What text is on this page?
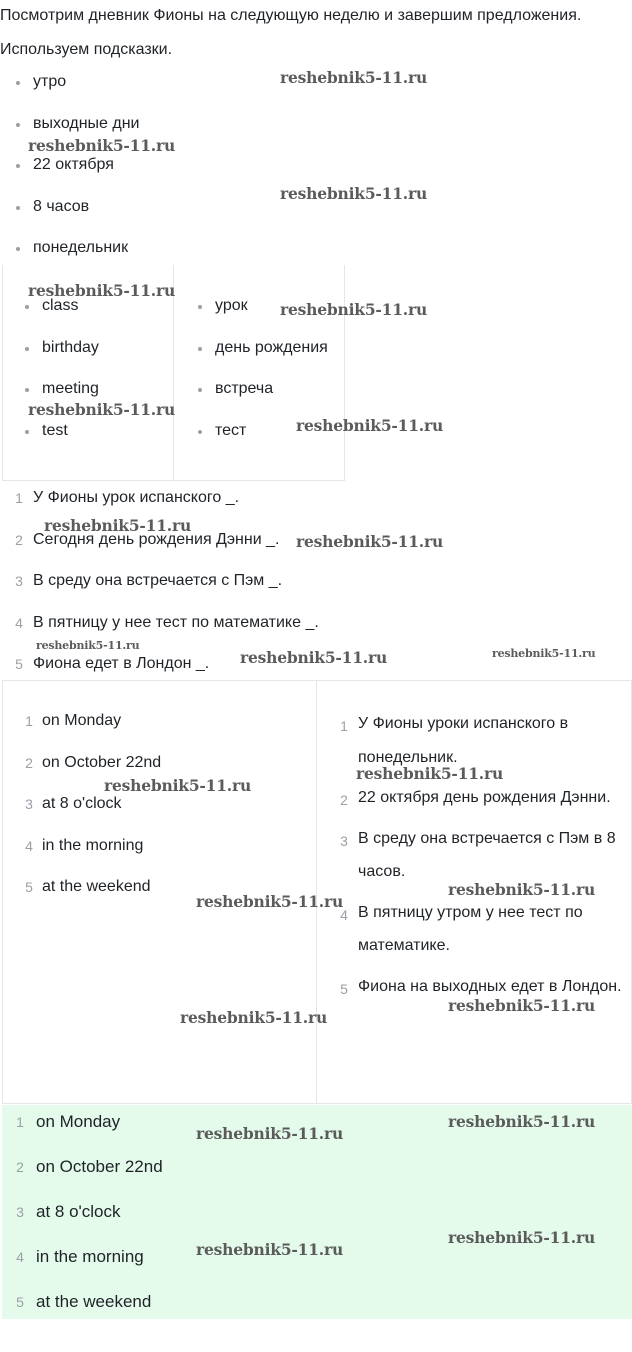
Посмотрим дневник Фионы на следующую неделю и завершим предложения.
Используем подсказки.
утро
выходные дни
22 октября
8 часов
понедельник
class
birthday
meeting
test
урок
день рождения
встреча
тест
1 У Фионы урок испанского _.
2 Сегодня день рождения Дэнни _.
3 В среду она встречается с Пэм _.
4 В пятницу у нее тест по математике _.
5 Фиона едет в Лондон _.
1 on Monday
2 on October 22nd
3 at 8 o'clock
4 in the morning
5 at the weekend
1 У Фионы уроки испанского в понедельник.
2 22 октября день рождения Дэнни.
3 В среду она встречается с Пэм в 8 часов.
4 В пятницу утром у нее тест по математике.
5 Фиона на выходных едет в Лондон.
1 on Monday
2 on October 22nd
3 at 8 o'clock
4 in the morning
5 at the weekend
reshebnik5-11.ru
reshebnik5-11.ru
reshebnik5-11.ru
reshebnik5-11.ru
reshebnik5-11.ru
reshebnik5-11.ru
reshebnik5-11.ru
reshebnik5-11.ru
reshebnik5-11.ru
reshebnik5-11.ru
reshebnik5-11.ru	reshebnik5-11.ru
reshebnik5-11.ru
reshebnik5-11.ru
reshebnik5-11.ru
reshebnik5-11.ru
reshebnik5-11.ru
reshebnik5-11.ru
reshebnik5-11.ru
reshebnik5-11.ru
reshebnik5-11.ru
reshebnik5-11.ru
